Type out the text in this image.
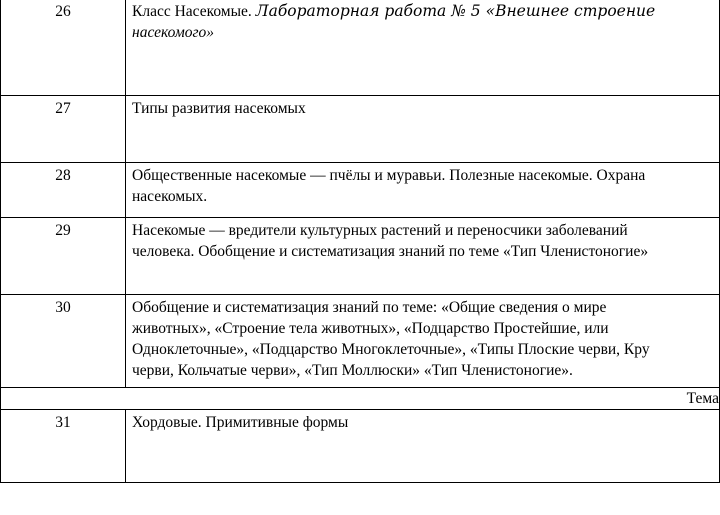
26	Класс Насекомые. Лабораторная работа № 5 «Внешнее строение
насекомого»
27	Типы развития насекомых
28	Общественные насекомые — пчёлы и муравьи. Полезные насекомые. Охрана
насекомых.
29	Насекомые — вредители культурных растений и переносчики заболеваний
человека. Обобщение и систематизация знаний по теме «Тип Членистоногие»
30	Обобщение и систематизация знаний по теме: «Общие сведения о мире
животных», «Строение тела животных», «Подцарство Простейшие, или
Одноклеточные», «Подцарство Многоклеточные», «Типы Плоские черви, Кру
черви, Кольчатые черви», «Тип Моллюски» «Тип Членистоногие».
Тема	
31	Хордовые. Примитивные формы
